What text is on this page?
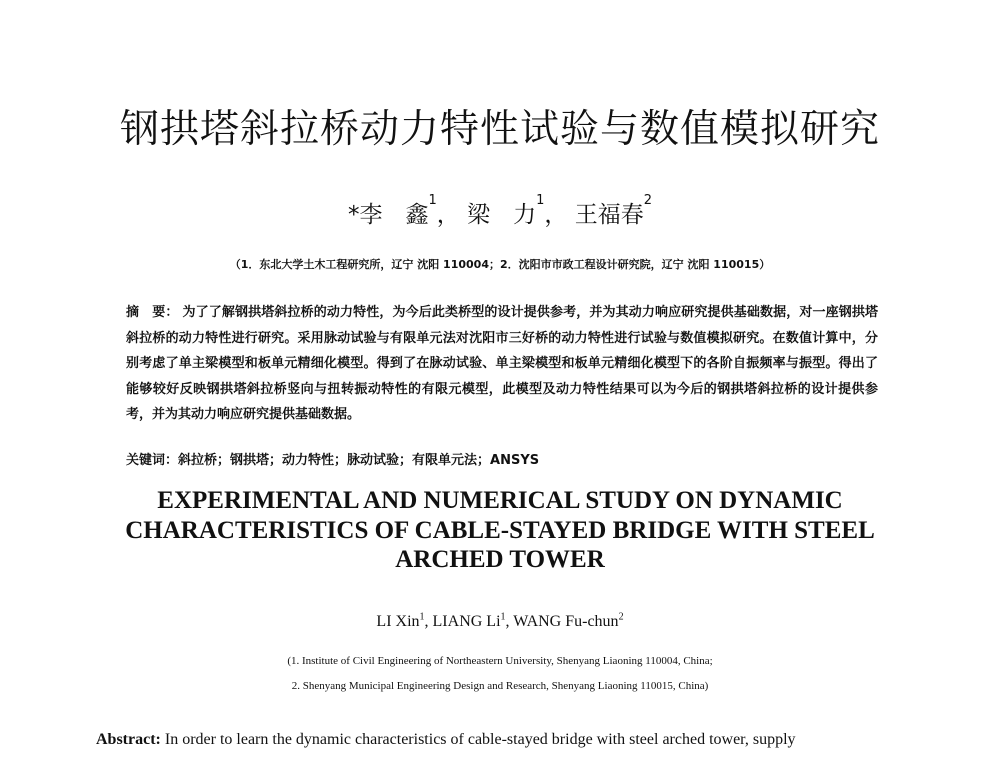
钢拱塔斜拉桥动力特性试验与数值模拟研究
*李　鑫$^1$， 梁　力$^1$， 王福春$^2$
（1．东北大学土木工程研究所，辽宁 沈阳 110004；2．沈阳市市政工程设计研究院，辽宁 沈阳 110015）
摘　要： 为了了解钢拱塔斜拉桥的动力特性，为今后此类桥型的设计提供参考，并为其动力响应研究提供基础数据，对一座钢拱塔斜拉桥的动力特性进行研究。采用脉动试验与有限单元法对沈阳市三好桥的动力特性进行试验与数值模拟研究。在数值计算中，分别考虑了单主梁模型和板单元精细化模型。得到了在脉动试验、单主梁模型和板单元精细化模型下的各阶自振频率与振型。得出了能够较好反映钢拱塔斜拉桥竖向与扭转振动特性的有限元模型，此模型及动力特性结果可以为今后的钢拱塔斜拉桥的设计提供参考，并为其动力响应研究提供基础数据。
关键词：斜拉桥；钢拱塔；动力特性；脉动试验；有限单元法；ANSYS
EXPERIMENTAL AND NUMERICAL STUDY ON DYNAMIC
CHARACTERISTICS OF CABLE-STAYED BRIDGE WITH STEEL
ARCHED TOWER
LI Xin$^1$, LIANG Li$^1$, WANG Fu-chun$^2$
(1. Institute of Civil Engineering of Northeastern University, Shenyang Liaoning 110004, China;
2. Shenyang Municipal Engineering Design and Research, Shenyang Liaoning 110015, China)
Abstract: In order to learn the dynamic characteristics of cable-stayed bridge with steel arched tower, supply
